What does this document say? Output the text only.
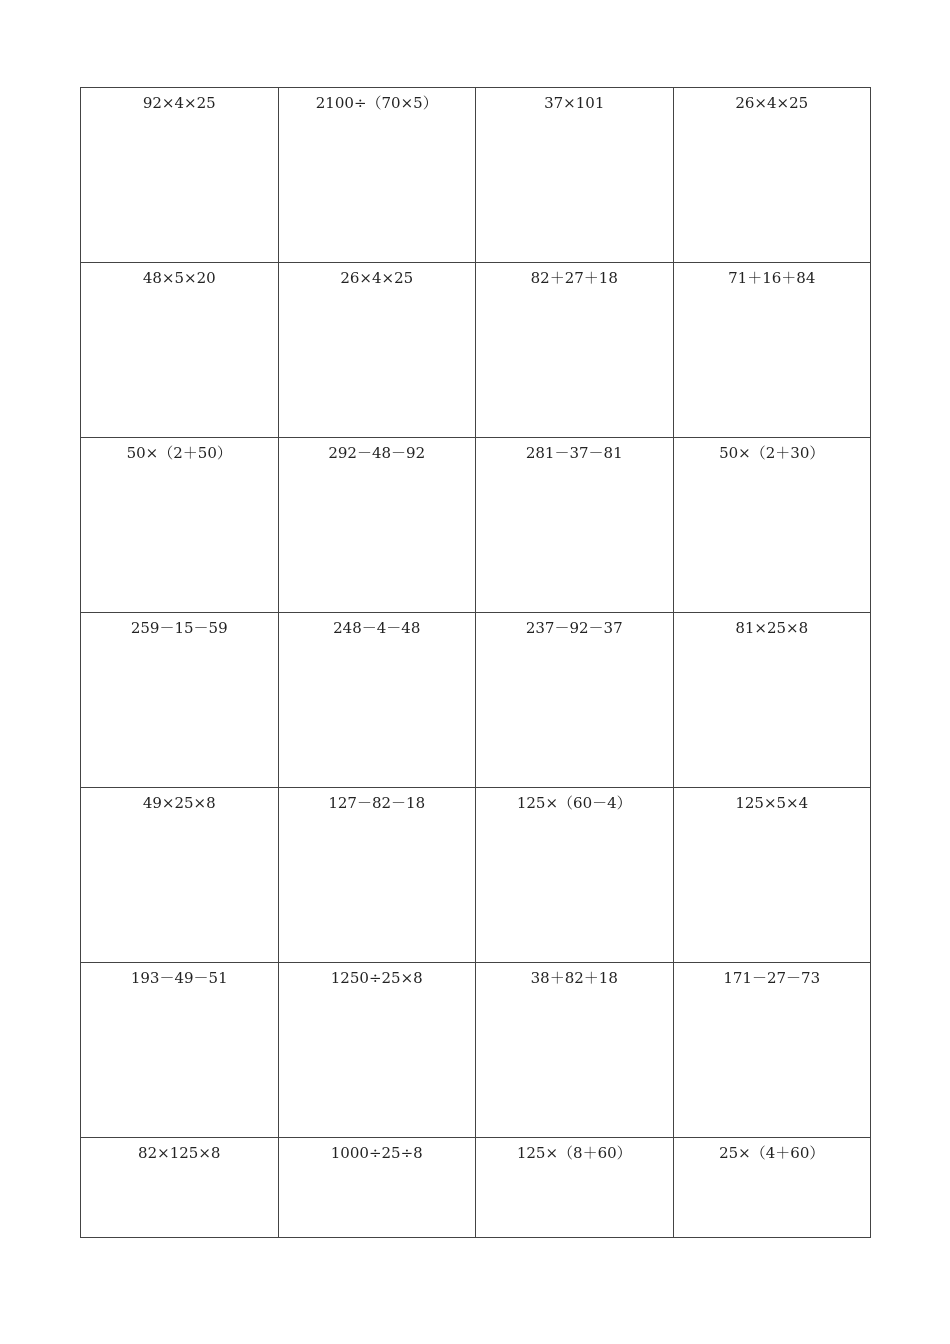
92×4×25	2100÷（70×5）	37×101	26×4×25
48×5×20	26×4×25	82＋27＋18	71＋16＋84
50×（2＋50）	292－48－92	281－37－81	50×（2＋30）
259－15－59	248－4－48	237－92－37	81×25×8
49×25×8	127－82－18	125×（60－4）	125×5×4
193－49－51	1250÷25×8	38＋82＋18	171－27－73
82×125×8	1000÷25÷8	125×（8＋60）	25×（4＋60）
